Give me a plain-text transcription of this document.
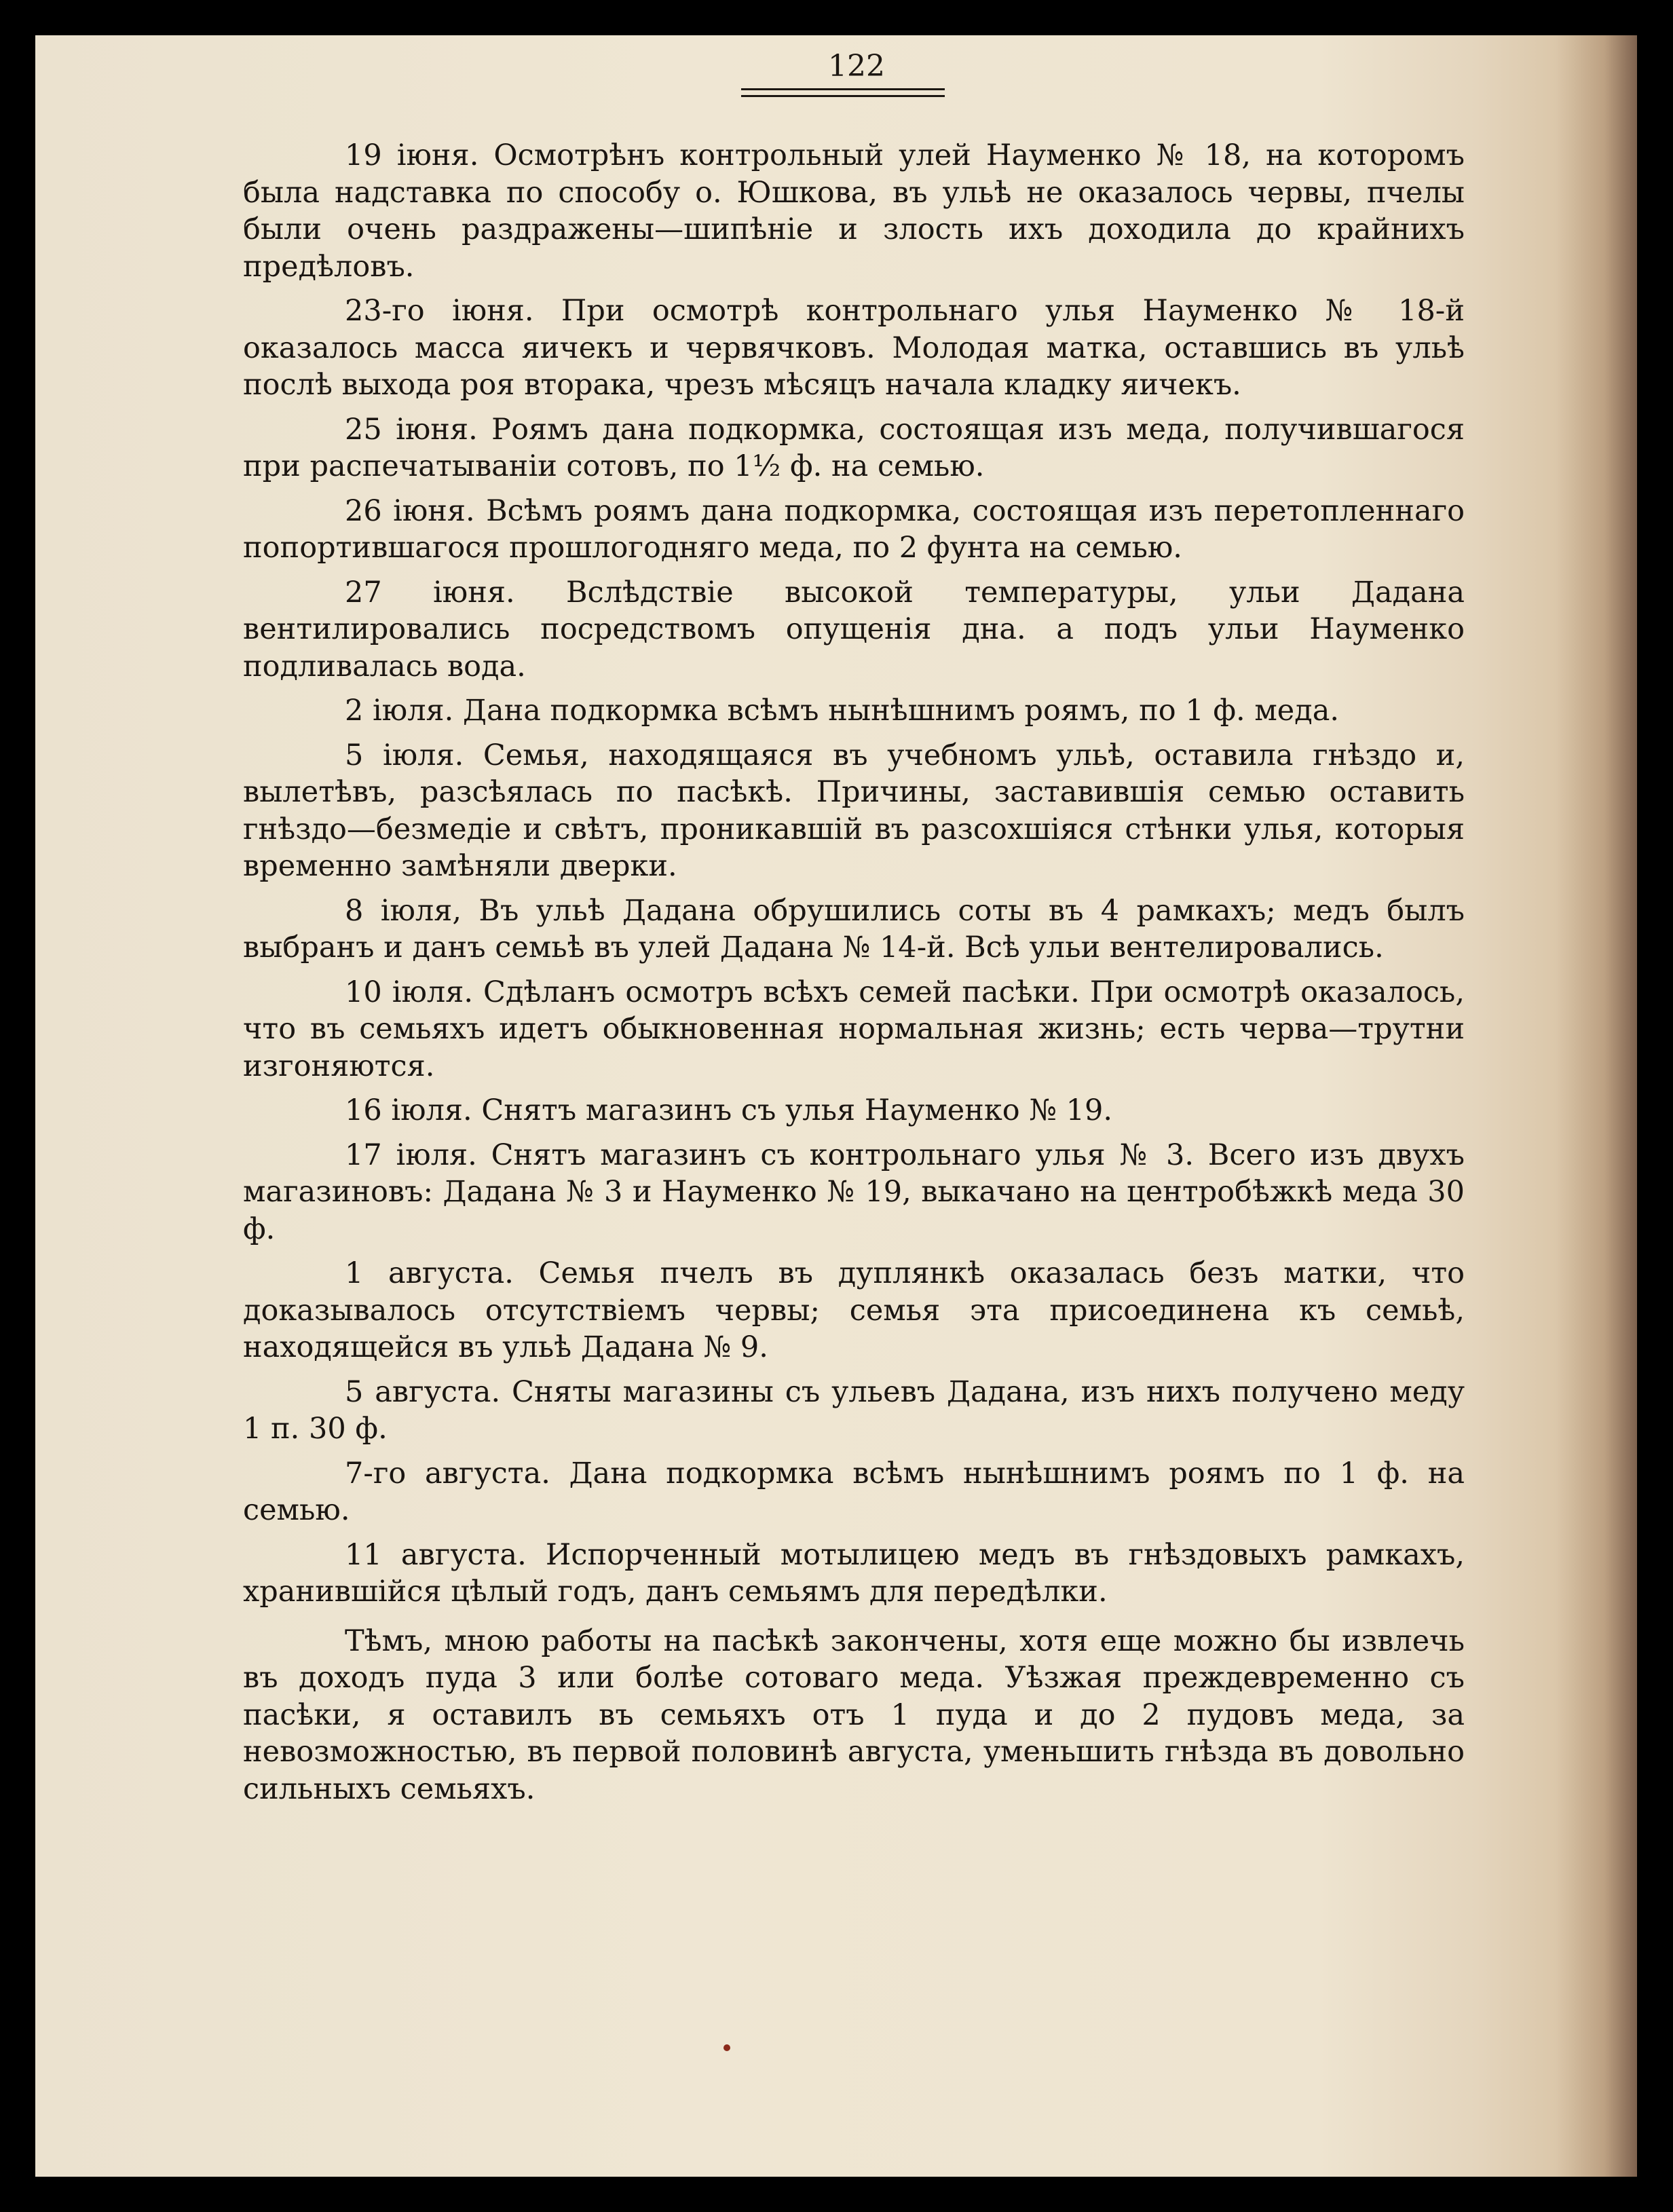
122

19 іюня. Осмотрѣнъ контрольный улей Науменко № 18, на которомъ была надставка по способу о. Юшкова, въ ульѣ не оказалось червы, пчелы были очень раздражены—шипѣніе и злость ихъ доходила до крайнихъ предѣловъ.

23-го іюня. При осмотрѣ контрольнаго улья Науменко № 18-й оказалось масса яичекъ и червячковъ. Молодая матка, оставшись въ ульѣ послѣ выхода роя вторака, чрезъ мѣсяцъ начала кладку яичекъ.

25 іюня. Роямъ дана подкормка, состоящая изъ меда, получившагося при распечатываніи сотовъ, по 1½ ф. на семью.

26 іюня. Всѣмъ роямъ дана подкормка, состоящая изъ перетопленнаго попортившагося прошлогодняго меда, по 2 фунта на семью.

27 іюня. Вслѣдствіе высокой температуры, ульи Дадана вентилировались посредствомъ опущенія дна. а подъ ульи Науменко подливалась вода.

2 іюля. Дана подкормка всѣмъ нынѣшнимъ роямъ, по 1 ф. меда.

5 іюля. Семья, находящаяся въ учебномъ ульѣ, оставила гнѣздо и, вылетѣвъ, разсѣялась по пасѣкѣ. Причины, заставившія семью оставить гнѣздо—безмедіе и свѣтъ, проникавшій въ разсохшіяся стѣнки улья, которыя временно замѣняли дверки.

8 іюля, Въ ульѣ Дадана обрушились соты въ 4 рамкахъ; медъ былъ выбранъ и данъ семьѣ въ улей Дадана № 14-й. Всѣ ульи вентелировались.

10 іюля. Сдѣланъ осмотръ всѣхъ семей пасѣки. При осмотрѣ оказалось, что въ семьяхъ идетъ обыкновенная нормальная жизнь; есть черва—трутни изгоняются.

16 іюля. Снятъ магазинъ съ улья Науменко № 19.

17 іюля. Снятъ магазинъ съ контрольнаго улья № 3. Всего изъ двухъ магазиновъ: Дадана № 3 и Науменко № 19, выкачано на центробѣжкѣ меда 30 ф.

1 августа. Семья пчелъ въ дуплянкѣ оказалась безъ матки, что доказывалось отсутствіемъ червы; семья эта присоединена къ семьѣ, находящейся въ ульѣ Дадана № 9.

5 августа. Сняты магазины съ ульевъ Дадана, изъ нихъ получено меду 1 п. 30 ф.

7-го августа. Дана подкормка всѣмъ нынѣшнимъ роямъ по 1 ф. на семью.

11 августа. Испорченный мотылицею медъ въ гнѣздовыхъ рамкахъ, хранившійся цѣлый годъ, данъ семьямъ для передѣлки.

Тѣмъ, мною работы на пасѣкѣ закончены, хотя еще можно бы извлечь въ доходъ пуда 3 или болѣе сотоваго меда. Уѣзжая преждевременно съ пасѣки, я оставилъ въ семьяхъ отъ 1 пуда и до 2 пудовъ меда, за невозможностью, въ первой половинѣ августа, уменьшить гнѣзда въ довольно сильныхъ семьяхъ.
